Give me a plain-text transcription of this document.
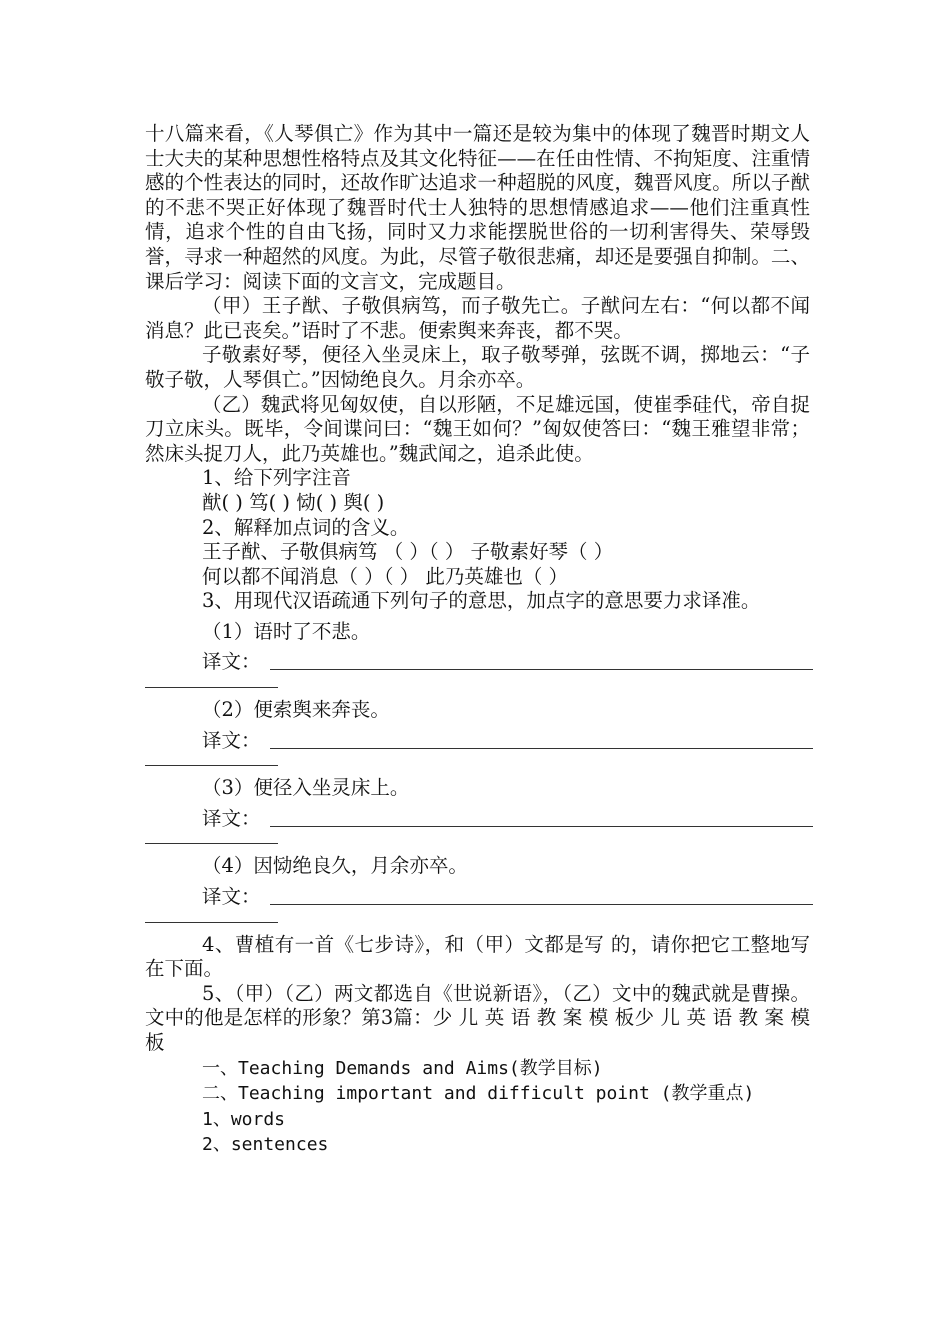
十八篇来看，《人琴俱亡》作为其中一篇还是较为集中的体现了魏晋时期文人士大夫的某种思想性格特点及其文化特征——在任由性情、不拘矩度、注重情感的个性表达的同时，还故作旷达追求一种超脱的风度，魏晋风度。所以子猷的不悲不哭正好体现了魏晋时代士人独特的思想情感追求——他们注重真性情，追求个性的自由飞扬，同时又力求能摆脱世俗的一切利害得失、荣辱毁誉，寻求一种超然的风度。为此，尽管子敬很悲痛，却还是要强自抑制。二、课后学习：阅读下面的文言文，完成题目。

（甲）王子猷、子敬俱病笃，而子敬先亡。子猷问左右：“何以都不闻消息？此已丧矣。”语时了不悲。便索舆来奔丧，都不哭。

子敬素好琴，便径入坐灵床上，取子敬琴弹，弦既不调，掷地云：“子敬子敬，人琴俱亡。”因恸绝良久。月余亦卒。

（乙）魏武将见匈奴使，自以形陋，不足雄远国，使崔季硅代，帝自捉刀立床头。既毕，令间谍问曰：“魏王如何？”匈奴使答曰：“魏王雅望非常；然床头捉刀人，此乃英雄也。”魏武闻之，追杀此使。

1、给下列字注音

猷( ) 笃( ) 恸( ) 舆( )

2、解释加点词的含义。

王子猷、子敬俱病笃 （ ）（ ） 子敬素好琴（ ）

何以都不闻消息（ ）（ ） 此乃英雄也（ ）

3、用现代汉语疏通下列句子的意思，加点字的意思要力求译准。

（1）语时了不悲。

译文：

（2）便索舆来奔丧。

译文：

（3）便径入坐灵床上。

译文：

（4）因恸绝良久，月余亦卒。

译文：

4、曹植有一首《七步诗》，和（甲）文都是写 的，请你把它工整地写在下面。

5、（甲）（乙）两文都选自《世说新语》，（乙）文中的魏武就是曹操。文中的他是怎样的形象？第3篇：少 儿 英 语 教 案 模 板少 儿 英 语 教 案 模 板

一、Teaching Demands and Aims(教学目标)

二、Teaching important and difficult point (教学重点)

1、words

2、sentences
